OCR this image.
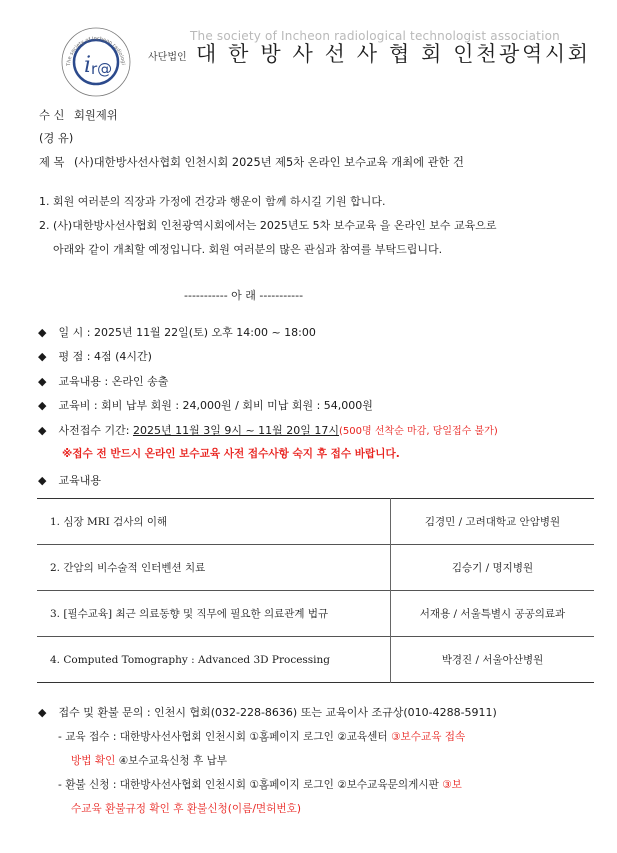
The society of Incheon radiologi
i r@
The society of Incheon radiological technologist association
사단법인 대 한 방 사 선 사 협 회 인천광역시회
수 신 회원제위
(경 유)
제 목 (사)대한방사선사협회 인천시회 2025년 제5차 온라인 보수교육 개최에 관한 건
1. 회원 여러분의 직장과 가정에 건강과 행운이 함께 하시길 기원 합니다.
2. (사)대한방사선사협회 인천광역시회에서는 2025년도 5차 보수교육 을 온라인 보수 교육으로
아래와 같이 개최할 예정입니다. 회원 여러분의 많은 관심과 참여를 부탁드립니다.
----------- 아 래 -----------
◆ 일 시 : 2025년 11월 22일(토) 오후 14:00 ~ 18:00
◆ 평 점 : 4점 (4시간)
◆ 교육내용 : 온라인 송출
◆ 교육비 : 회비 납부 회원 : 24,000원 / 회비 미납 회원 : 54,000원
◆ 사전접수 기간: 2025년 11월 3일 9시 ~ 11월 20일 17시(500명 선착순 마감, 당일접수 불가)
※접수 전 반드시 온라인 보수교육 사전 접수사항 숙지 후 접수 바랍니다.
◆ 교육내용
1. 심장 MRI 검사의 이해	김경민 / 고려대학교 안암병원
2. 간암의 비수술적 인터벤션 치료	김승기 / 명지병원
3. [필수교육] 최근 의료동향 및 직무에 필요한 의료관계 법규	서재용 / 서울특별시 공공의료과
4. Computed Tomography : Advanced 3D Processing	박경진 / 서울아산병원
◆ 접수 및 환불 문의 : 인천시 협회(032-228-8636) 또는 교육이사 조규상(010-4288-5911)
- 교육 접수 : 대한방사선사협회 인천시회 ①홈페이지 로그인 ②교육센터 ③보수교육 접속
방법 확인 ④보수교육신청 후 납부
- 환불 신청 : 대한방사선사협회 인천시회 ①홈페이지 로그인 ②보수교육문의게시판 ③보
수교육 환불규정 확인 후 환불신청(이름/면허번호)
